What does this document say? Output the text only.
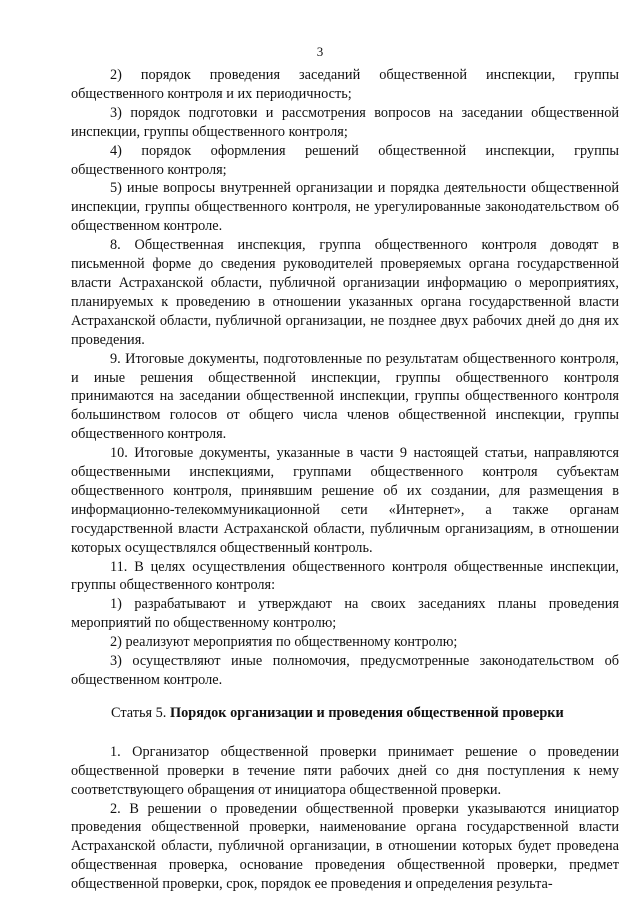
3

2) порядок проведения заседаний общественной инспекции, группы общественного контроля и их периодичность;

3) порядок подготовки и рассмотрения вопросов на заседании общественной инспекции, группы общественного контроля;

4) порядок оформления решений общественной инспекции, группы общественного контроля;

5) иные вопросы внутренней организации и порядка деятельности общественной инспекции, группы общественного контроля, не урегулированные законодательством об общественном контроле.

8. Общественная инспекция, группа общественного контроля доводят в письменной форме до сведения руководителей проверяемых органа государственной власти Астраханской области, публичной организации информацию о мероприятиях, планируемых к проведению в отношении указанных органа государственной власти Астраханской области, публичной организации, не позднее двух рабочих дней до дня их проведения.

9. Итоговые документы, подготовленные по результатам общественного контроля, и иные решения общественной инспекции, группы общественного контроля принимаются на заседании общественной инспекции, группы общественного контроля большинством голосов от общего числа членов общественной инспекции, группы общественного контроля.

10. Итоговые документы, указанные в части 9 настоящей статьи, направляются общественными инспекциями, группами общественного контроля субъектам общественного контроля, принявшим решение об их создании, для размещения в информационно-телекоммуникационной сети «Интернет», а также органам государственной власти Астраханской области, публичным организациям, в отношении которых осуществлялся общественный контроль.

11. В целях осуществления общественного контроля общественные инспекции, группы общественного контроля:

1) разрабатывают и утверждают на своих заседаниях планы проведения мероприятий по общественному контролю;

2) реализуют мероприятия по общественному контролю;

3) осуществляют иные полномочия, предусмотренные законодательством об общественном контроле.

Статья 5. Порядок организации и проведения общественной проверки

1. Организатор общественной проверки принимает решение о проведении общественной проверки в течение пяти рабочих дней со дня поступления к нему соответствующего обращения от инициатора общественной проверки.

2. В решении о проведении общественной проверки указываются инициатор проведения общественной проверки, наименование органа государственной власти Астраханской области, публичной организации, в отношении которых будет проведена общественная проверка, основание проведения общественной проверки, предмет общественной проверки, срок, порядок ее проведения и определения результа-
